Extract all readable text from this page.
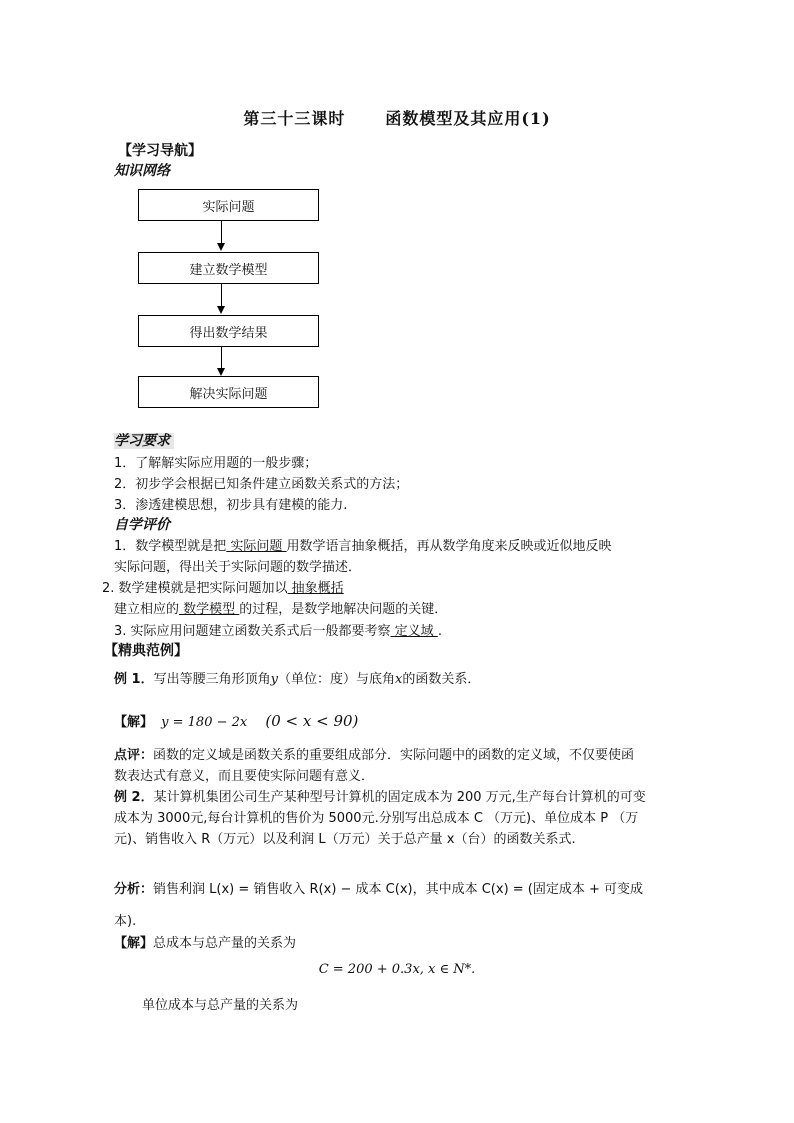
第三十三课时	函数模型及其应用(1)
【学习导航】
知识网络
实际问题
建立数学模型
得出数学结果
解决实际问题
学习要求
1．了解解实际应用题的一般步骤；
2．初步学会根据已知条件建立函数关系式的方法；
3．渗透建模思想，初步具有建模的能力.
自学评价
1．数学模型就是把 实际问题 用数学语言抽象概括，再从数学角度来反映或近似地反映
实际问题，得出关于实际问题的数学描述．
2. 数学建模就是把实际问题加以 抽象概括
建立相应的 数学模型 的过程，是数学地解决问题的关键．
3. 实际应用问题建立函数关系式后一般都要考察 定义域 .
【精典范例】
例 1．写出等腰三角形顶角y（单位：度）与底角x的函数关系．
【解】 y = 180 − 2x (0 < x < 90)
点评：函数的定义域是函数关系的重要组成部分．实际问题中的函数的定义域，不仅要使函
数表达式有意义，而且要使实际问题有意义．
例 2．某计算机集团公司生产某种型号计算机的固定成本为 200 万元,生产每台计算机的可变
成本为 3000元,每台计算机的售价为 5000元.分别写出总成本 C （万元)、单位成本 P （万
元)、销售收入 R（万元）以及利润 L（万元）关于总产量 x（台）的函数关系式.
分析：销售利润 L(x) = 销售收入 R(x) − 成本 C(x)，其中成本 C(x) = (固定成本 + 可变成
本).
【解】总成本与总产量的关系为
C = 200 + 0.3x, x ∈ N*.
单位成本与总产量的关系为
